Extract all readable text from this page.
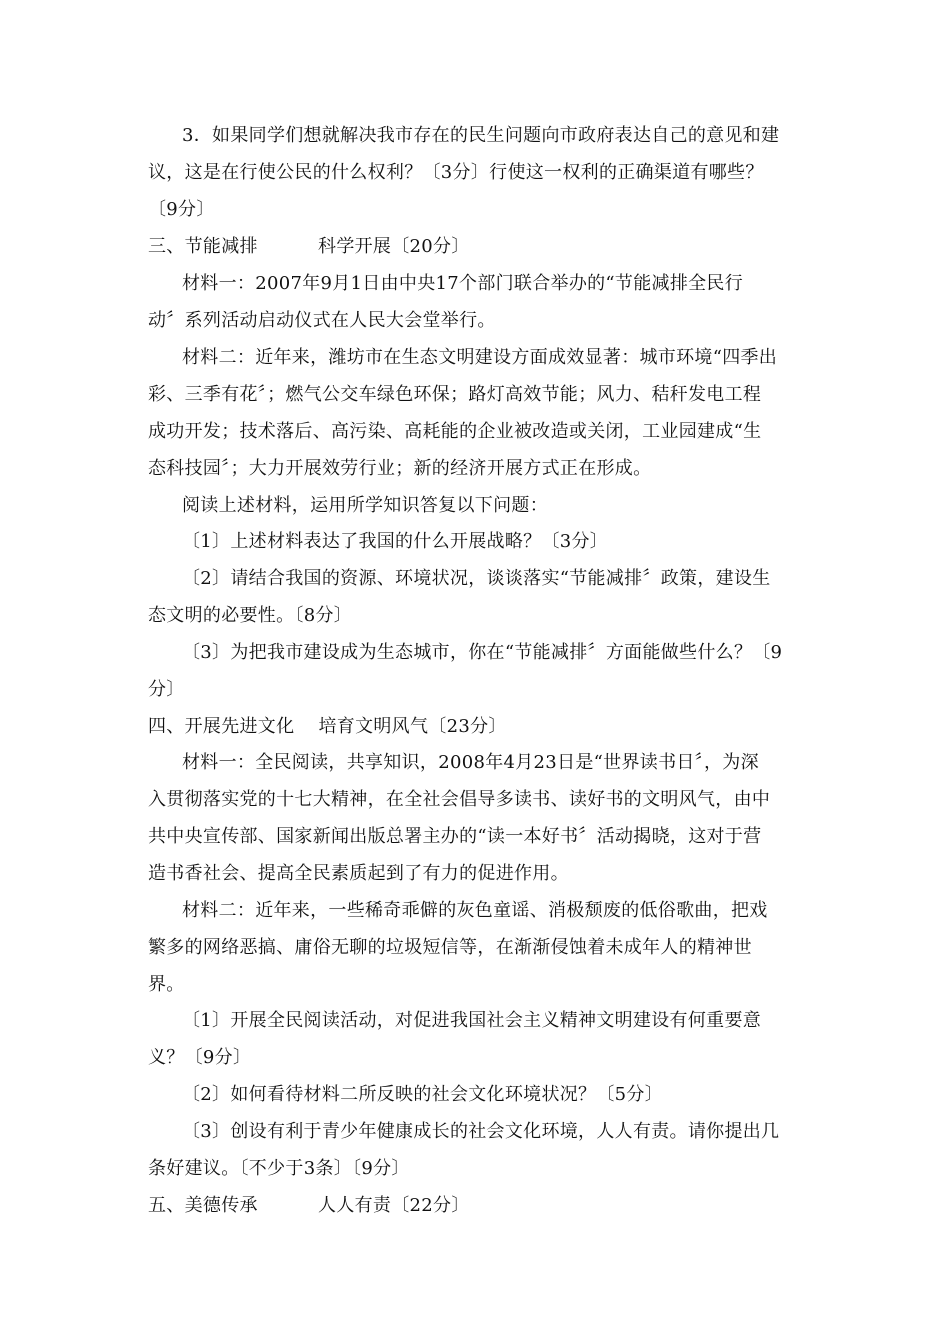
3．如果同学们想就解决我市存在的民生问题向市政府表达自己的意见和建
议，这是在行使公民的什么权利？〔3分〕行使这一权利的正确渠道有哪些？
〔9分〕
三、节能减排          科学开展〔20分〕
材料一：2007年9月1日由中央17个部门联合举办的“节能减排全民行
动〞系列活动启动仪式在人民大会堂举行。
材料二：近年来，潍坊市在生态文明建设方面成效显著：城市环境“四季出
彩、三季有花〞；燃气公交车绿色环保；路灯高效节能；风力、秸秆发电工程
成功开发；技术落后、高污染、高耗能的企业被改造或关闭，工业园建成“生
态科技园〞；大力开展效劳行业；新的经济开展方式正在形成。
阅读上述材料，运用所学知识答复以下问题：
〔1〕上述材料表达了我国的什么开展战略？〔3分〕
〔2〕请结合我国的资源、环境状况，谈谈落实“节能减排〞政策，建设生
态文明的必要性。〔8分〕
〔3〕为把我市建设成为生态城市，你在“节能减排〞方面能做些什么？〔9
分〕
四、开展先进文化    培育文明风气〔23分〕
材料一：全民阅读，共享知识，2008年4月23日是“世界读书日〞，为深
入贯彻落实党的十七大精神，在全社会倡导多读书、读好书的文明风气，由中
共中央宣传部、国家新闻出版总署主办的“读一本好书〞活动揭晓，这对于营
造书香社会、提高全民素质起到了有力的促进作用。
材料二：近年来，一些稀奇乖僻的灰色童谣、消极颓废的低俗歌曲，把戏
繁多的网络恶搞、庸俗无聊的垃圾短信等，在渐渐侵蚀着未成年人的精神世
界。
〔1〕开展全民阅读活动，对促进我国社会主义精神文明建设有何重要意
义？〔9分〕
〔2〕如何看待材料二所反映的社会文化环境状况？〔5分〕
〔3〕创设有利于青少年健康成长的社会文化环境，人人有责。请你提出几
条好建议。〔不少于3条〕〔9分〕
五、美德传承          人人有责〔22分〕
